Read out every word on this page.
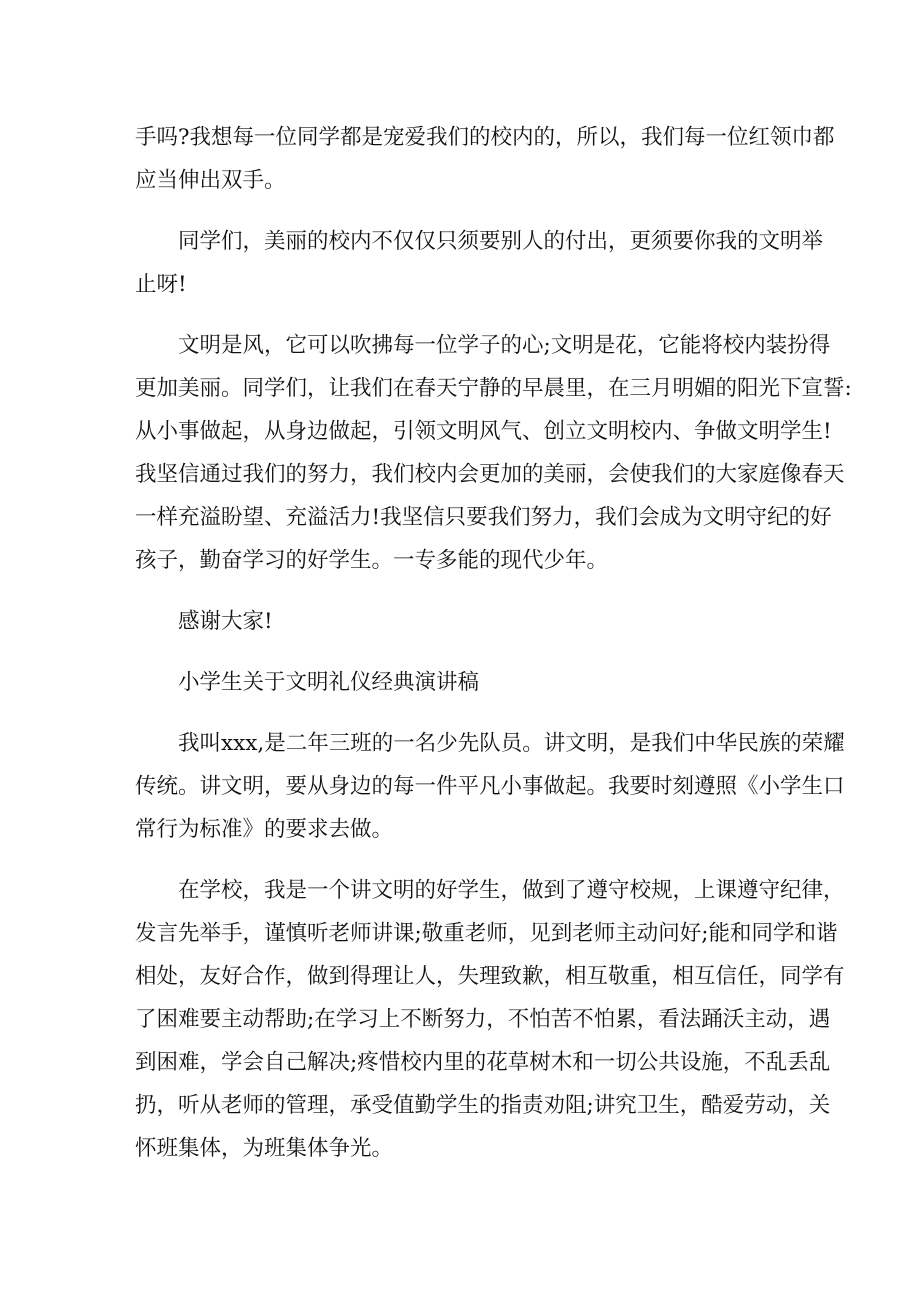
手吗?我想每一位同学都是宠爱我们的校内的，所以，我们每一位红领巾都
应当伸出双手。

同学们，美丽的校内不仅仅只须要别人的付出，更须要你我的文明举
止呀!

文明是风，它可以吹拂每一位学子的心;文明是花，它能将校内装扮得
更加美丽。同学们，让我们在春天宁静的早晨里，在三月明媚的阳光下宣誓:
从小事做起，从身边做起，引领文明风气、创立文明校内、争做文明学生!
我坚信通过我们的努力，我们校内会更加的美丽，会使我们的大家庭像春天
一样充溢盼望、充溢活力!我坚信只要我们努力，我们会成为文明守纪的好
孩子，勤奋学习的好学生。一专多能的现代少年。

感谢大家!

小学生关于文明礼仪经典演讲稿

我叫xxx,是二年三班的一名少先队员。讲文明，是我们中华民族的荣耀
传统。讲文明，要从身边的每一件平凡小事做起。我要时刻遵照《小学生口
常行为标准》的要求去做。

在学校，我是一个讲文明的好学生，做到了遵守校规，上课遵守纪律，
发言先举手，谨慎听老师讲课;敬重老师，见到老师主动问好;能和同学和谐
相处，友好合作，做到得理让人，失理致歉，相互敬重，相互信任，同学有
了困难要主动帮助;在学习上不断努力，不怕苦不怕累，看法踊沃主动，遇
到困难，学会自己解决;疼惜校内里的花草树木和一切公共设施，不乱丢乱
扔，听从老师的管理，承受值勤学生的指责劝阻;讲究卫生，酷爱劳动，关
怀班集体，为班集体争光。
